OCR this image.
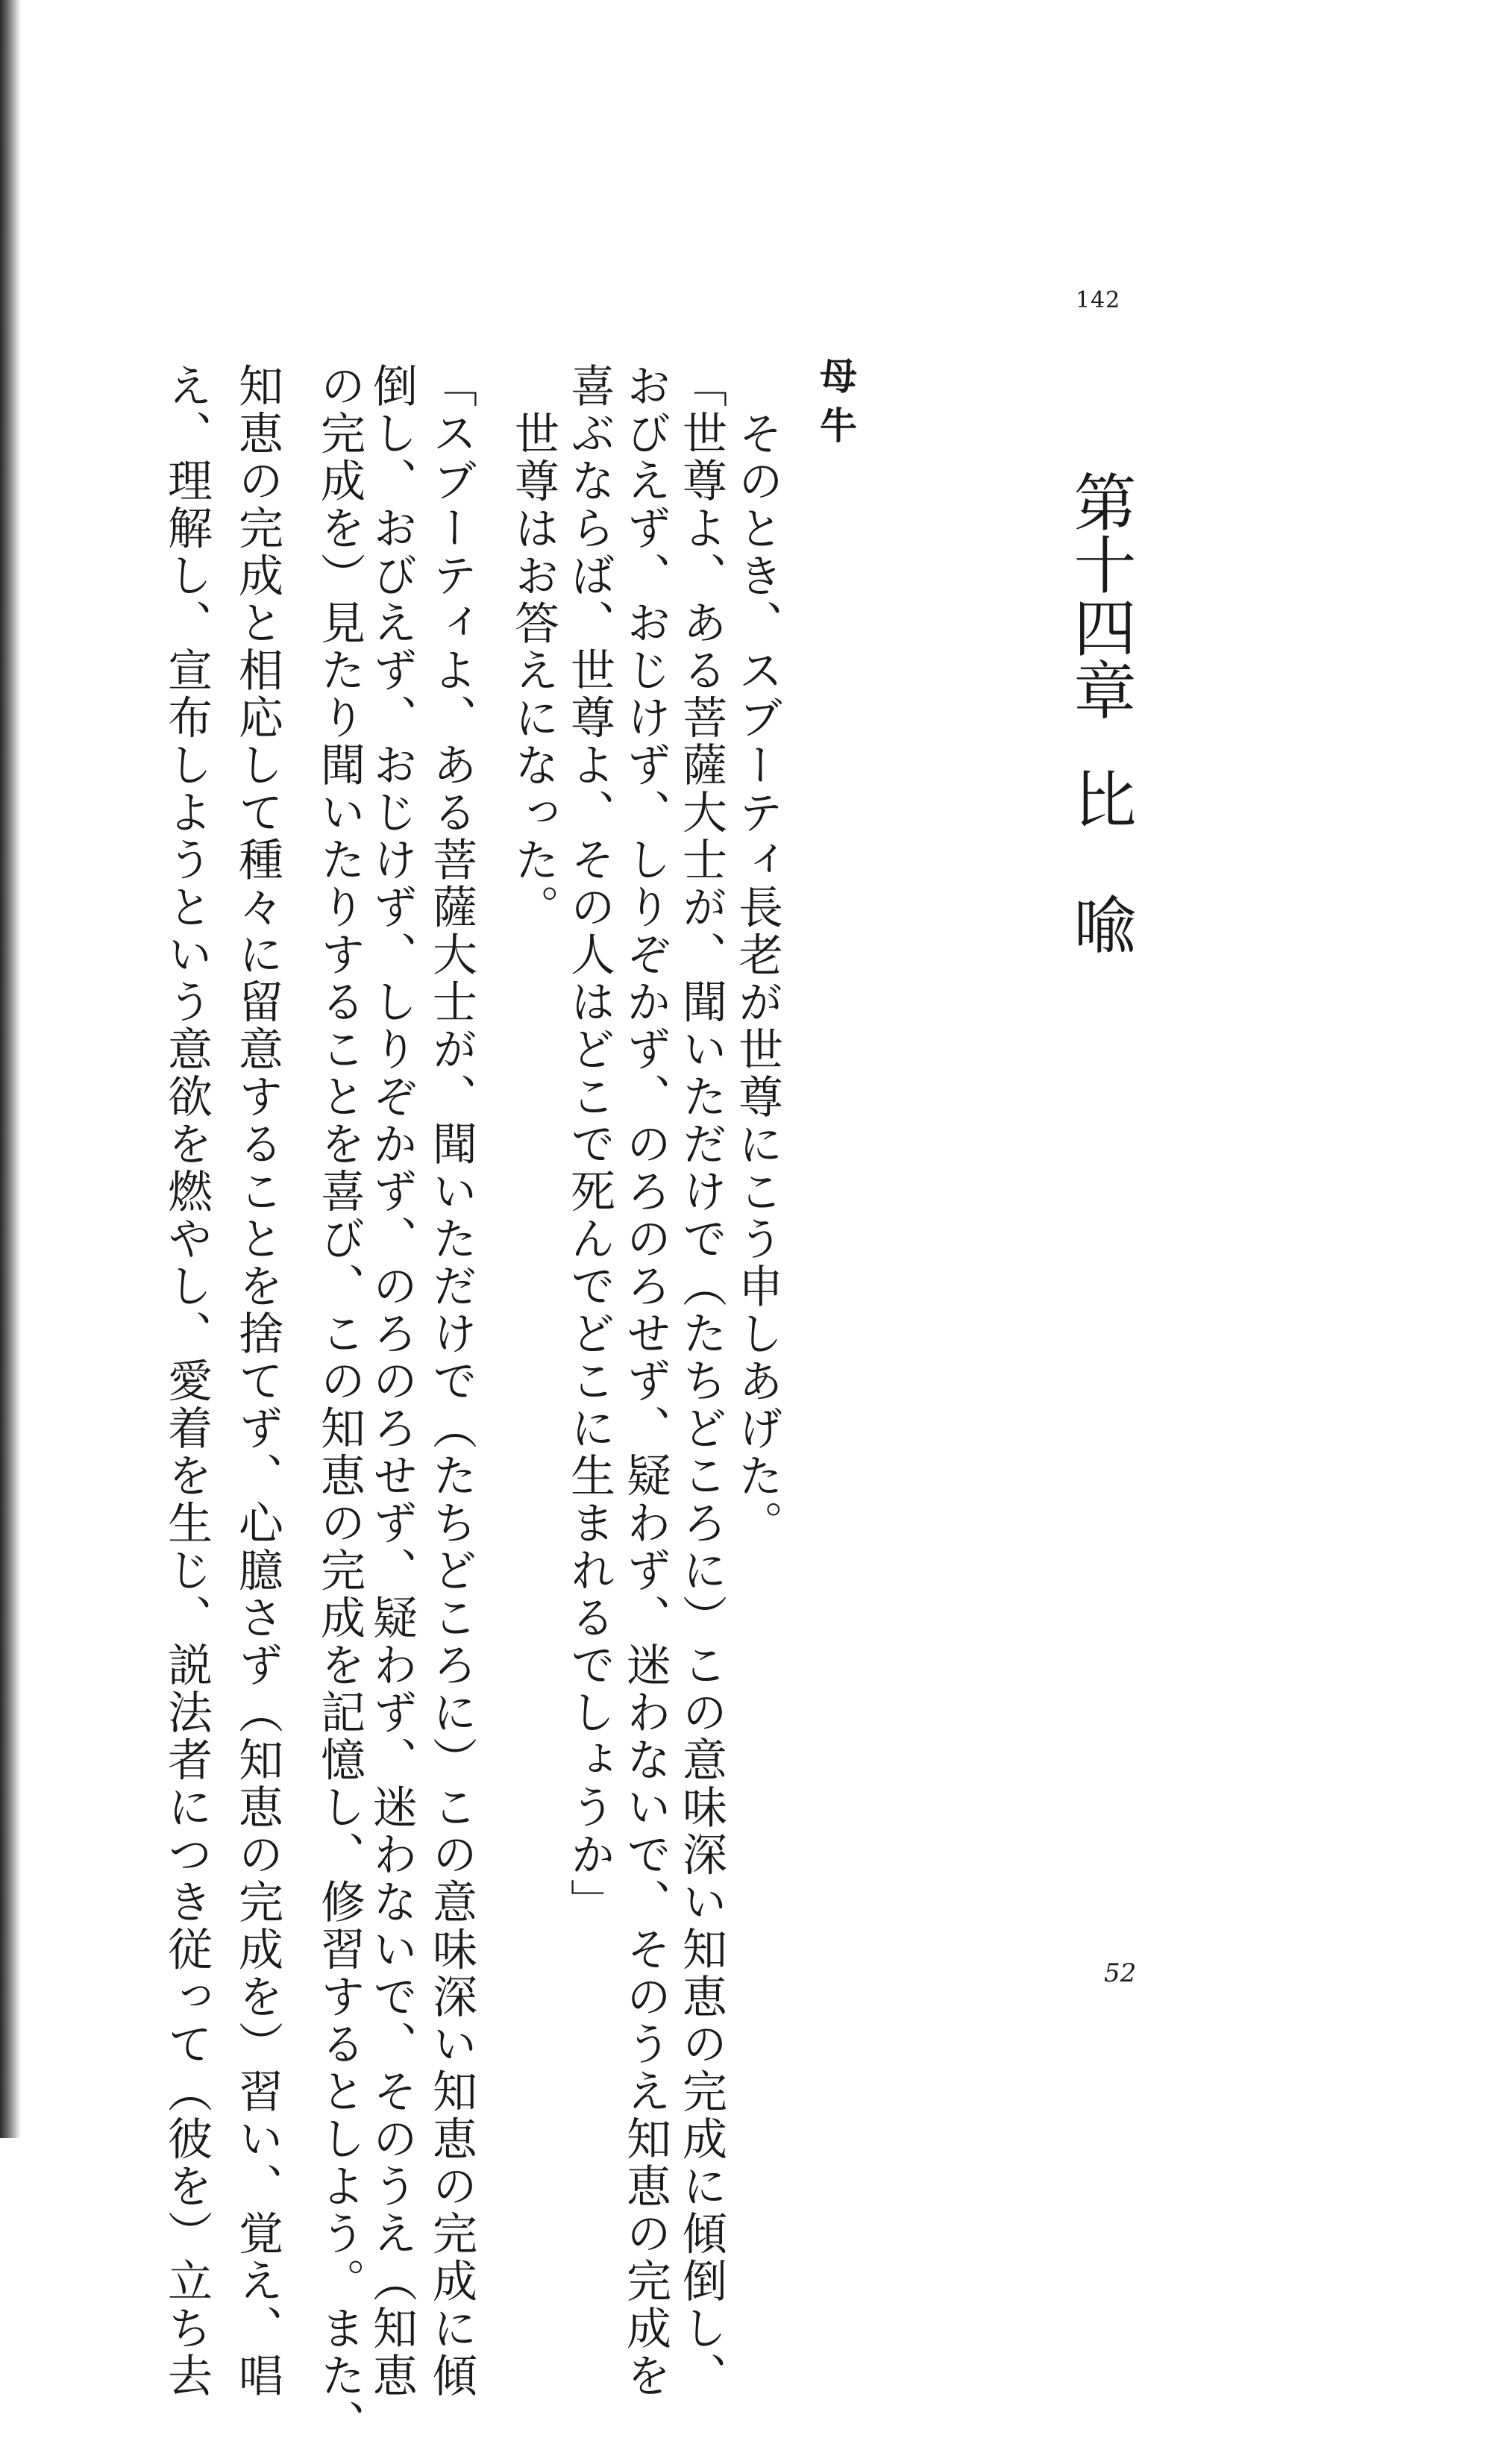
142
第十四章比　喩
母牛
そのとき、スブーティ長老が世尊にこう申しあげた。
「世尊よ、ある菩薩大士が、聞いただけで（たちどころに）この意味深い知恵の完成に傾倒し、
おびえず、おじけず、しりぞかず、のろのろせず、疑わず、迷わないで、そのうえ知恵の完成を
喜ぶならば、世尊よ、その人はどこで死んでどこに生まれるでしょうか」
世尊はお答えになった。
「スブーティよ、ある菩薩大士が、聞いただけで（たちどころに）この意味深い知恵の完成に傾
倒し、おびえず、おじけず、しりぞかず、のろのろせず、疑わず、迷わないで、そのうえ（知恵
の完成を）見たり聞いたりすることを喜び、この知恵の完成を記憶し、修習するとしよう。また、
知恵の完成と相応して種々に留意することを捨てず、心臆さず（知恵の完成を）習い、覚え、唱
え、理解し、宣布しようという意欲を燃やし、愛着を生じ、説法者につき従って（彼を）立ち去	52
